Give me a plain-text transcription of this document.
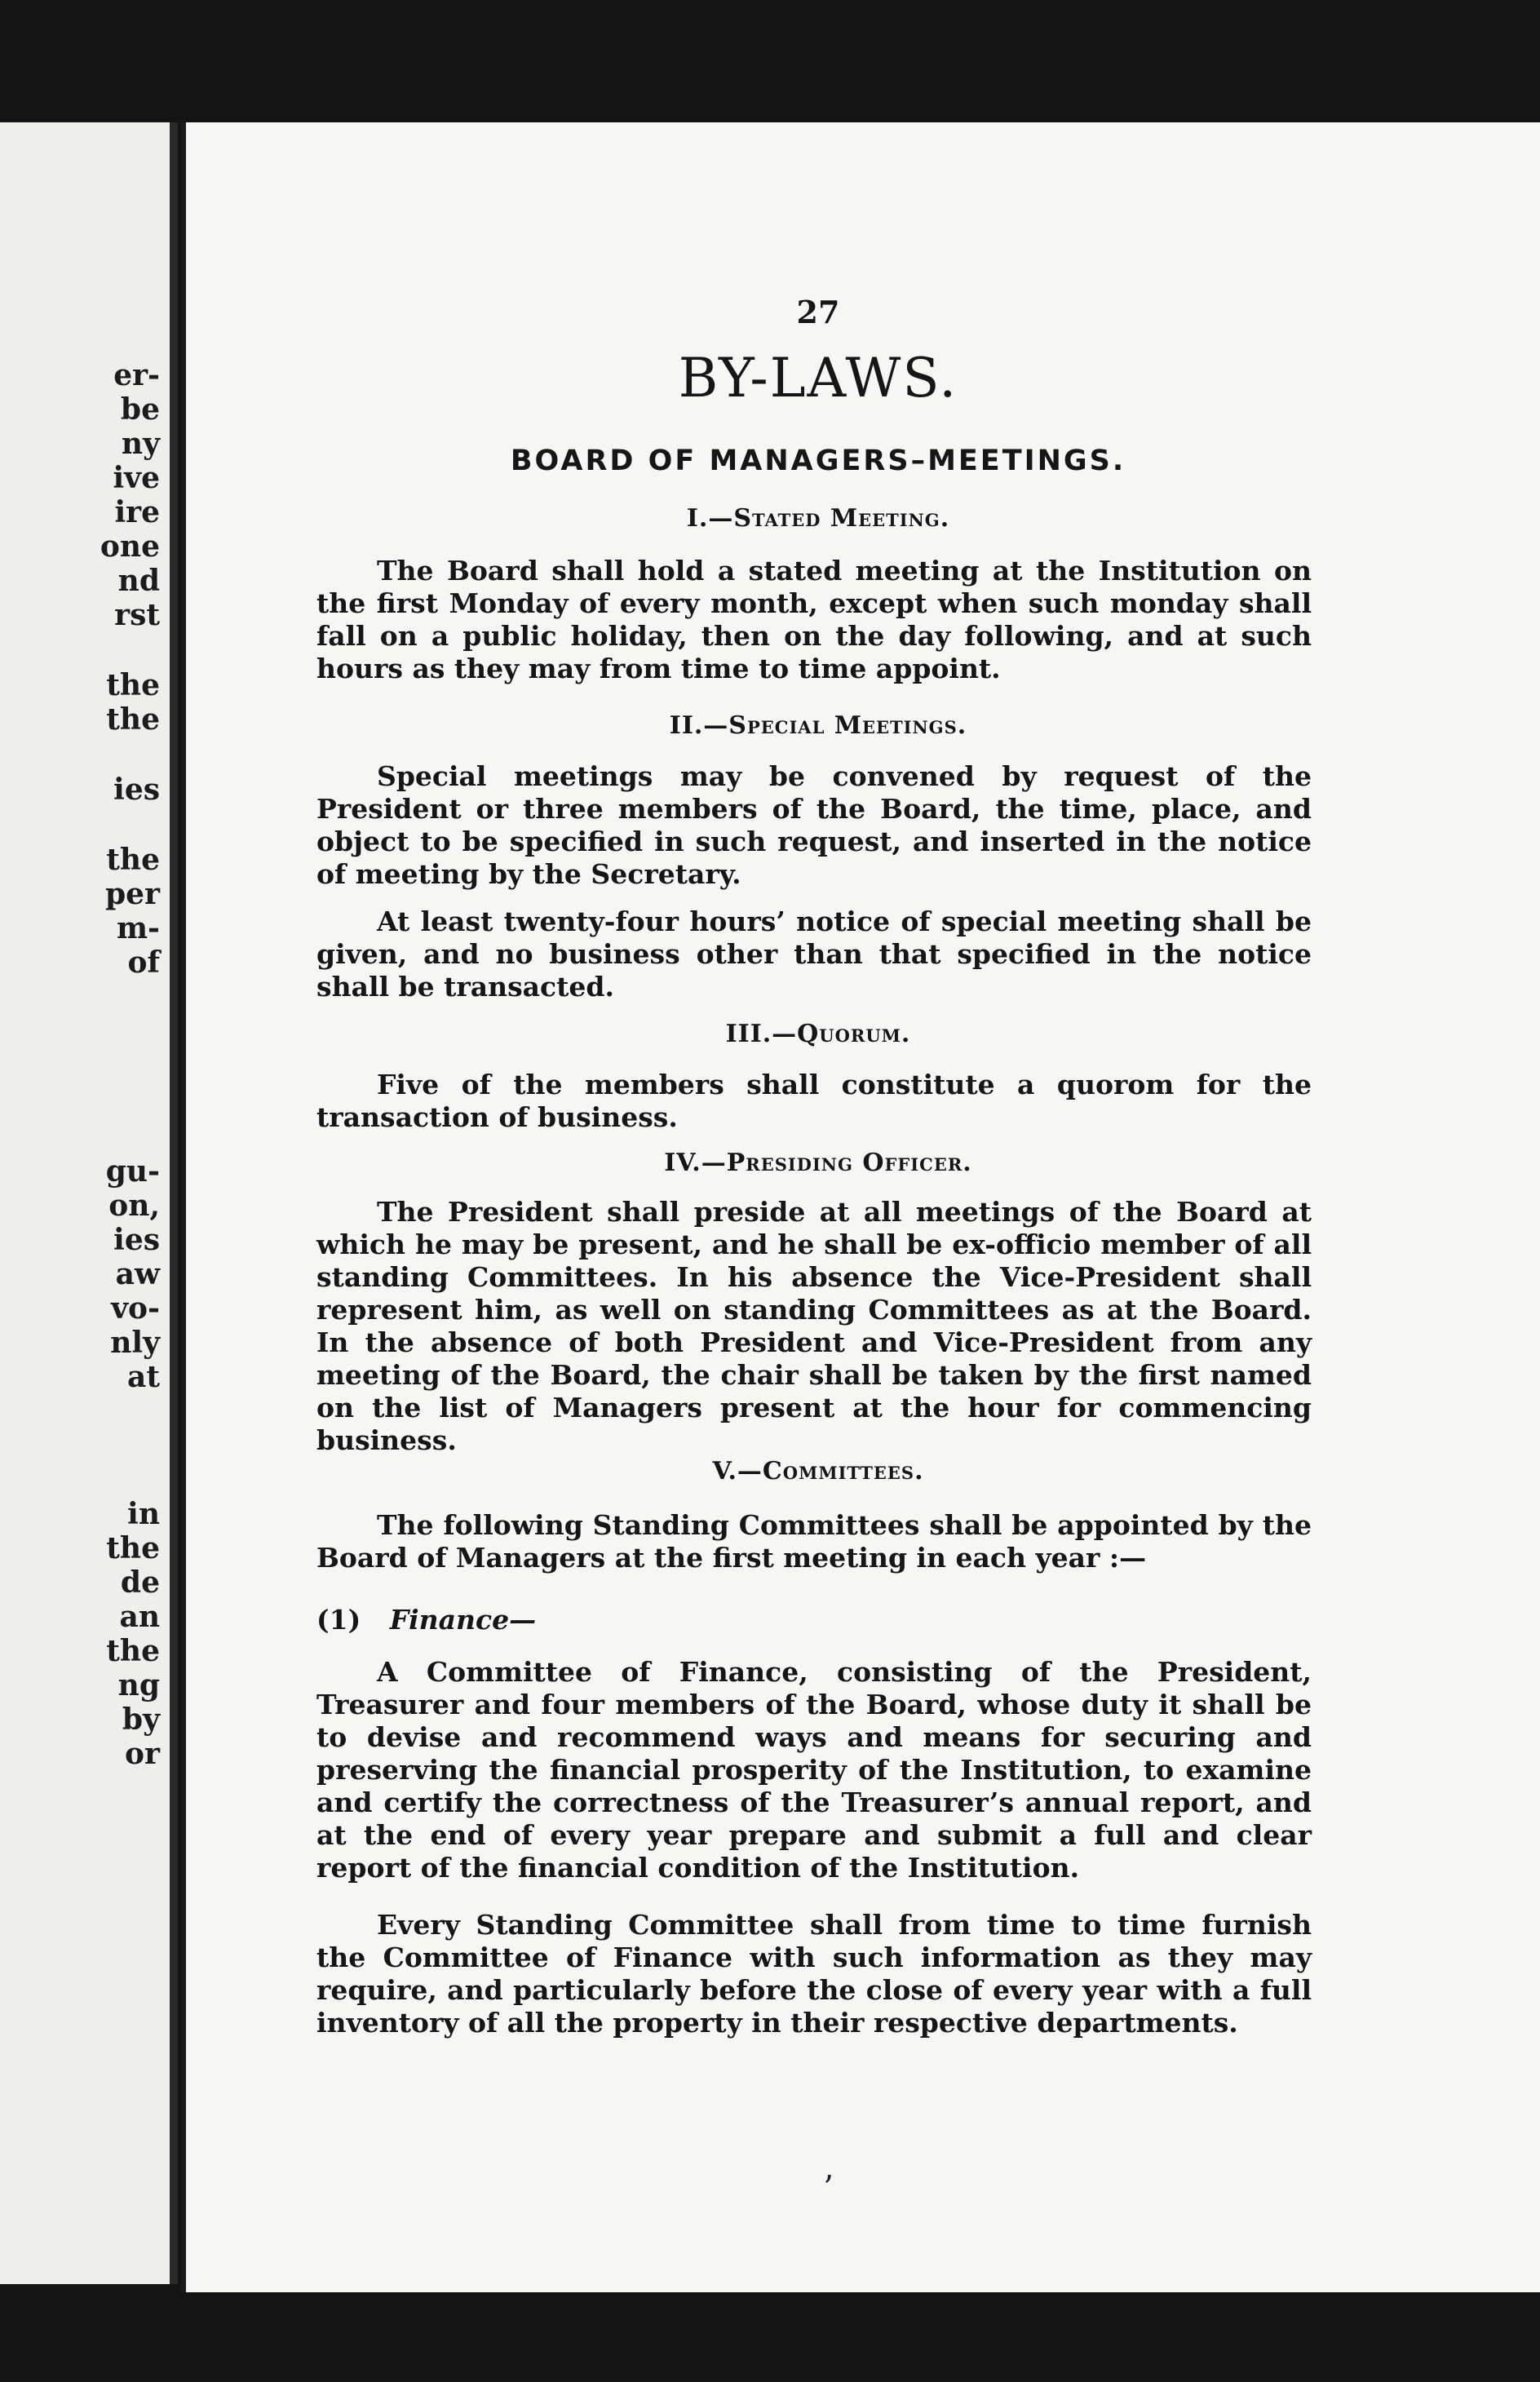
er-
be
ny
ive
ire
one
nd
rst
the
the
ies
the
per
m-
of
gu-
on,
ies
aw
vo-
nly
at
in
the
de
an
the
ng
by
or
27
BY-LAWS.
BOARD OF MANAGERS–MEETINGS.
I.—Stated Meeting.

The Board shall hold a stated meeting at the Institution on the first Monday of every month, except when such monday shall fall on a public holiday, then on the day following, and at such hours as they may from time to time appoint.

II.—Special Meetings.

Special meetings may be convened by request of the President or three members of the Board, the time, place, and object to be specified in such request, and inserted in the notice of meeting by the Secretary.

At least twenty-four hours’ notice of special meeting shall be given, and no business other than that specified in the notice shall be transacted.

III.—Quorum.

Five of the members shall constitute a quorom for the transaction of business.

IV.—Presiding Officer.

The President shall preside at all meetings of the Board at which he may be present, and he shall be ex-officio member of all standing Committees. In his absence the Vice-President shall represent him, as well on standing Committees as at the Board. In the absence of both President and Vice-President from any meeting of the Board, the chair shall be taken by the first named on the list of Managers present at the hour for commencing business.

V.—Committees.

The following Standing Committees shall be appointed by the Board of Managers at the first meeting in each year :—

(1) Finance—

A Committee of Finance, consisting of the President, Treasurer and four members of the Board, whose duty it shall be to devise and recommend ways and means for securing and preserving the financial prosperity of the Institution, to examine and certify the correctness of the Treasurer’s annual report, and at the end of every year prepare and submit a full and clear report of the financial condition of the Institution.

Every Standing Committee shall from time to time furnish the Committee of Finance with such information as they may require, and particularly before the close of every year with a full inventory of all the property in their respective departments.

ʼ
